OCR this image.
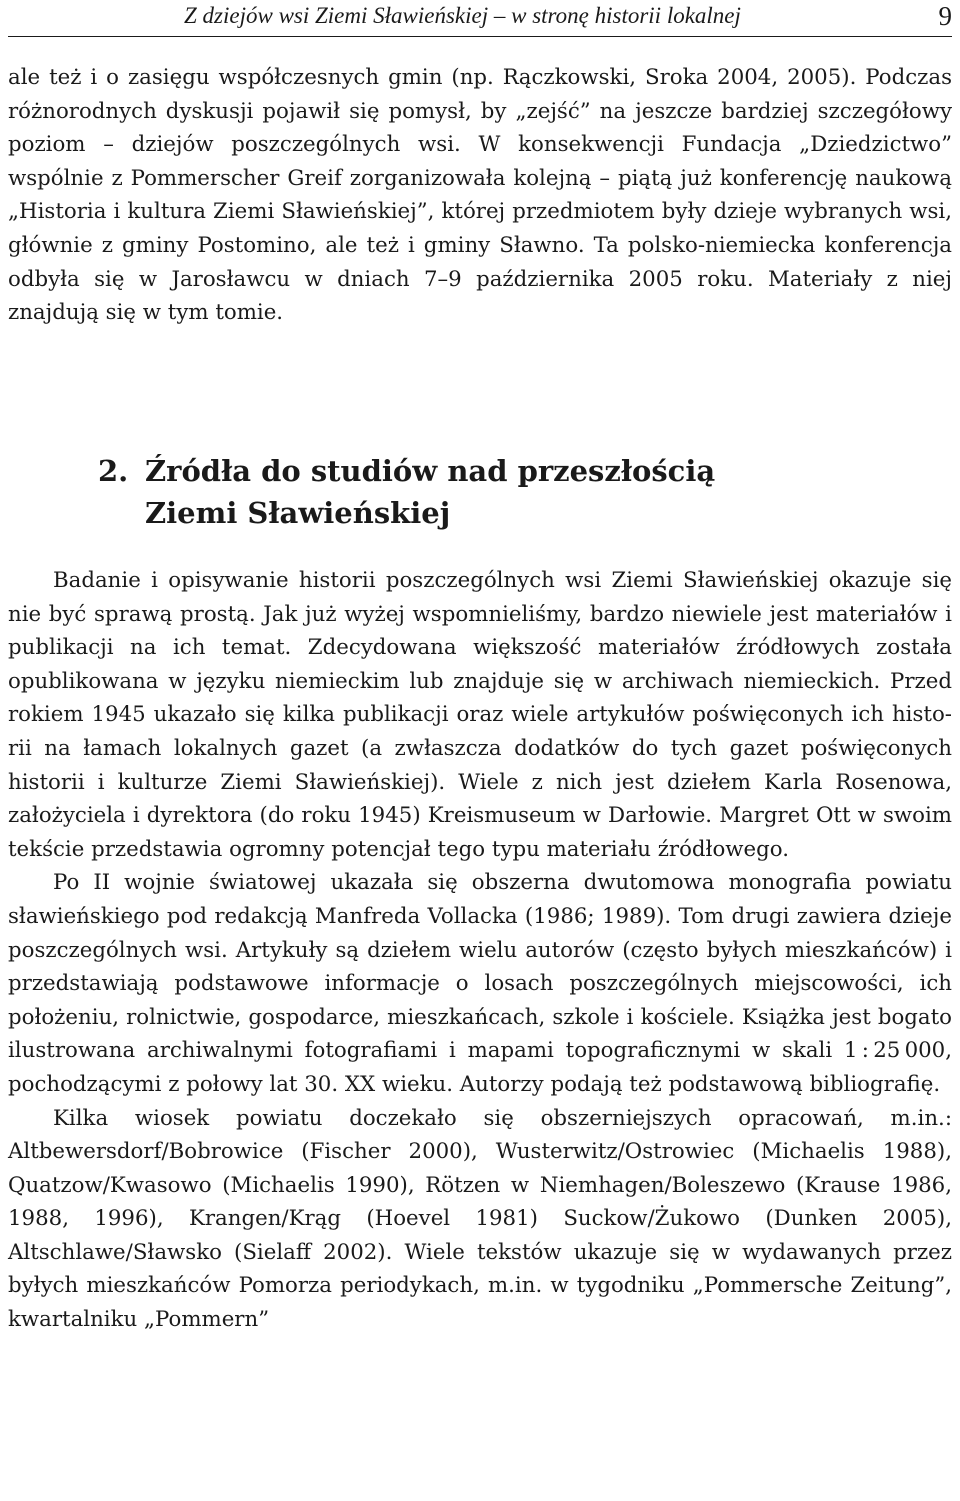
Z dziejów wsi Ziemi Sławieńskiej – w stronę historii lokalnej	9

ale też i o zasięgu współczesnych gmin (np. Rączkowski, Sroka 2004, 2005). Podczas różnorodnych dyskusji pojawił się pomysł, by „zejść” na jeszcze bardziej szczegółowy poziom – dziejów poszczególnych wsi. W konsekwencji Fundacja „Dziedzictwo” wspólnie z Pommerscher Greif zorganizowała kolejną – piątą już konferencję naukową „Historia i kultura Ziemi Sławieńskiej”, której przedmiotem były dzieje wybranych wsi, głównie z gminy Postomino, ale też i gminy Sławno. Ta polsko-niemiecka konferencja odbyła się w Jarosławcu w dniach 7–9 października 2005 roku. Materiały z niej znajdują się w tym tomie.

2. Źródła do studiów nad przeszłością
Ziemi Sławieńskiej

Badanie i opisywanie historii poszczególnych wsi Ziemi Sławieńskiej okazuje się nie być sprawą prostą. Jak już wyżej wspomnieliśmy, bardzo niewiele jest materiałów i publikacji na ich temat. Zdecydowana większość materiałów źródłowych została opublikowana w języku niemieckim lub znajduje się w archiwach niemieckich. Przed rokiem 1945 ukazało się kilka publikacji oraz wiele artykułów poświęconych ich historii na łamach lokalnych gazet (a zwłaszcza dodatków do tych gazet poświęconych historii i kulturze Ziemi Sławieńskiej). Wiele z nich jest dziełem Karla Rosenowa, założyciela i dyrektora (do roku 1945) Kreismuseum w Darłowie. Margret Ott w swoim tekście przedstawia ogromny potencjał tego typu materiału źródłowego.

Po II wojnie światowej ukazała się obszerna dwutomowa monografia powiatu sławieńskiego pod redakcją Manfreda Vollacka (1986; 1989). Tom drugi zawiera dzieje poszczególnych wsi. Artykuły są dziełem wielu autorów (często byłych mieszkańców) i przedstawiają podstawowe informacje o losach poszczególnych miejscowości, ich położeniu, rolnictwie, gospodarce, mieszkańcach, szkole i kościele. Książka jest bogato ilustrowana archiwalnymi fotografiami i mapami topograficznymi w skali 1 : 25 000, pochodzącymi z połowy lat 30. XX wieku. Autorzy podają też podstawową bibliografię.

Kilka wiosek powiatu doczekało się obszerniejszych opracowań, m.in.: Altbewersdorf/Bobrowice (Fischer 2000), Wusterwitz/Ostrowiec (Michaelis 1988), Quatzow/Kwasowo (Michaelis 1990), Rötzen w Niemhagen/Boleszewo (Krause 1986, 1988, 1996), Krangen/Krąg (Hoevel 1981) Suckow/Żukowo (Dunken 2005), Altschlawe/Sławsko (Sielaff 2002). Wiele tekstów ukazuje się w wydawanych przez byłych mieszkańców Pomorza periodykach, m.in. w tygodniku „Pommersche Zeitung”, kwartalniku „Pommern”
